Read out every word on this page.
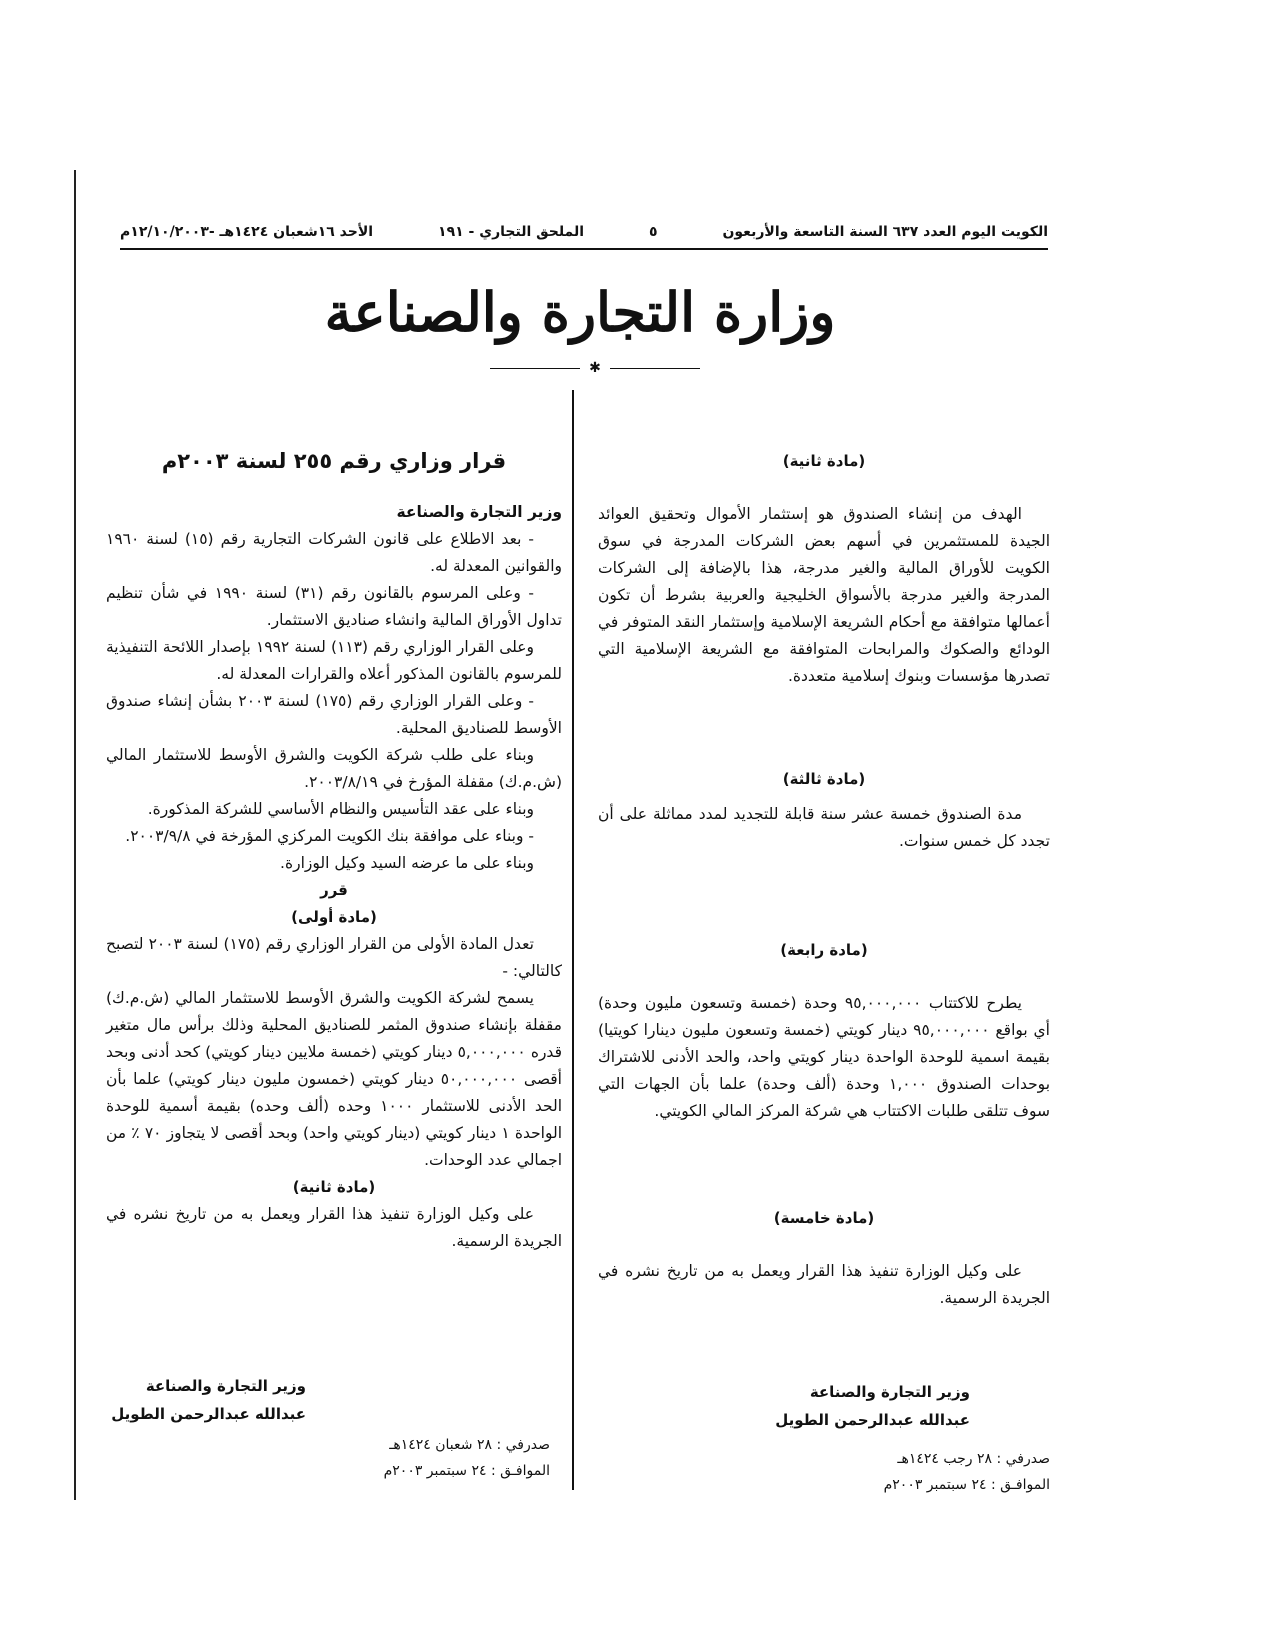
الكويت اليوم العدد ٦٣٧ السنة التاسعة والأربعون
٥
الملحق التجاري - ١٩١
الأحد ١٦شعبان ١٤٢٤هـ -١٢/١٠/٢٠٠٣م
وزارة التجارة والصناعة
✱

(مادة ثانية)

الهدف من إنشاء الصندوق هو إستثمار الأموال وتحقيق العوائد الجيدة للمستثمرين في أسهم بعض الشركات المدرجة في سوق الكويت للأوراق المالية والغير مدرجة، هذا بالإضافة إلى الشركات المدرجة والغير مدرجة بالأسواق الخليجية والعربية بشرط أن تكون أعمالها متوافقة مع أحكام الشريعة الإسلامية وإستثمار النقد المتوفر في الودائع والصكوك والمرابحات المتوافقة مع الشريعة الإسلامية التي تصدرها مؤسسات وبنوك إسلامية متعددة.

(مادة ثالثة)

مدة الصندوق خمسة عشر سنة قابلة للتجديد لمدد مماثلة على أن تجدد كل خمس سنوات.

(مادة رابعة)

يطرح للاكتتاب ٩٥,٠٠٠,٠٠٠ وحدة (خمسة وتسعون مليون وحدة) أي بواقع ٩٥,٠٠٠,٠٠٠ دينار كويتي (خمسة وتسعون مليون دينارا كويتيا) بقيمة اسمية للوحدة الواحدة دينار كويتي واحد، والحد الأدنى للاشتراك بوحدات الصندوق ١,٠٠٠ وحدة (ألف وحدة) علما بأن الجهات التي سوف تتلقى طلبات الاكتتاب هي شركة المركز المالي الكويتي.

(مادة خامسة)

على وكيل الوزارة تنفيذ هذا القرار ويعمل به من تاريخ نشره في الجريدة الرسمية.

وزير التجارة والصناعة
عبدالله عبدالرحمن الطويل
صدرفي : ٢٨ رجب ١٤٢٤هـ
الموافـق : ٢٤ سبتمبر ٢٠٠٣م

قرار وزاري رقم ٢٥٥ لسنة ٢٠٠٣م

وزير التجارة والصناعة

- بعد الاطلاع على قانون الشركات التجارية رقم (١٥) لسنة ١٩٦٠ والقوانين المعدلة له.

- وعلى المرسوم بالقانون رقم (٣١) لسنة ١٩٩٠ في شأن تنظيم تداول الأوراق المالية وانشاء صناديق الاستثمار.

وعلى القرار الوزاري رقم (١١٣) لسنة ١٩٩٢ بإصدار اللائحة التنفيذية للمرسوم بالقانون المذكور أعلاه والقرارات المعدلة له.

- وعلى القرار الوزاري رقم (١٧٥) لسنة ٢٠٠٣ بشأن إنشاء صندوق الأوسط للصناديق المحلية.

وبناء على طلب شركة الكويت والشرق الأوسط للاستثمار المالي (ش.م.ك) مقفلة المؤرخ في ٢٠٠٣/٨/١٩.

وبناء على عقد التأسيس والنظام الأساسي للشركة المذكورة.

- وبناء على موافقة بنك الكويت المركزي المؤرخة في ٢٠٠٣/٩/٨.

وبناء على ما عرضه السيد وكيل الوزارة.

قرر

(مادة أولى)

تعدل المادة الأولى من القرار الوزاري رقم (١٧٥) لسنة ٢٠٠٣ لتصبح كالتالي: -

يسمح لشركة الكويت والشرق الأوسط للاستثمار المالي (ش.م.ك) مقفلة بإنشاء صندوق المثمر للصناديق المحلية وذلك برأس مال متغير قدره ٥,٠٠٠,٠٠٠ دينار كويتي (خمسة ملايين دينار كويتي) كحد أدنى وبحد أقصى ٥٠,٠٠٠,٠٠٠ دينار كويتي (خمسون مليون دينار كويتي) علما بأن الحد الأدنى للاستثمار ١٠٠٠ وحده (ألف وحده) بقيمة أسمية للوحدة الواحدة ١ دينار كويتي (دينار كويتي واحد) وبحد أقصى لا يتجاوز ٧٠ ٪ من اجمالي عدد الوحدات.

(مادة ثانية)

على وكيل الوزارة تنفيذ هذا القرار ويعمل به من تاريخ نشره في الجريدة الرسمية.

وزير التجارة والصناعة
عبدالله عبدالرحمن الطويل
صدرفي : ٢٨ شعبان ١٤٢٤هـ
الموافـق : ٢٤ سبتمبر ٢٠٠٣م
